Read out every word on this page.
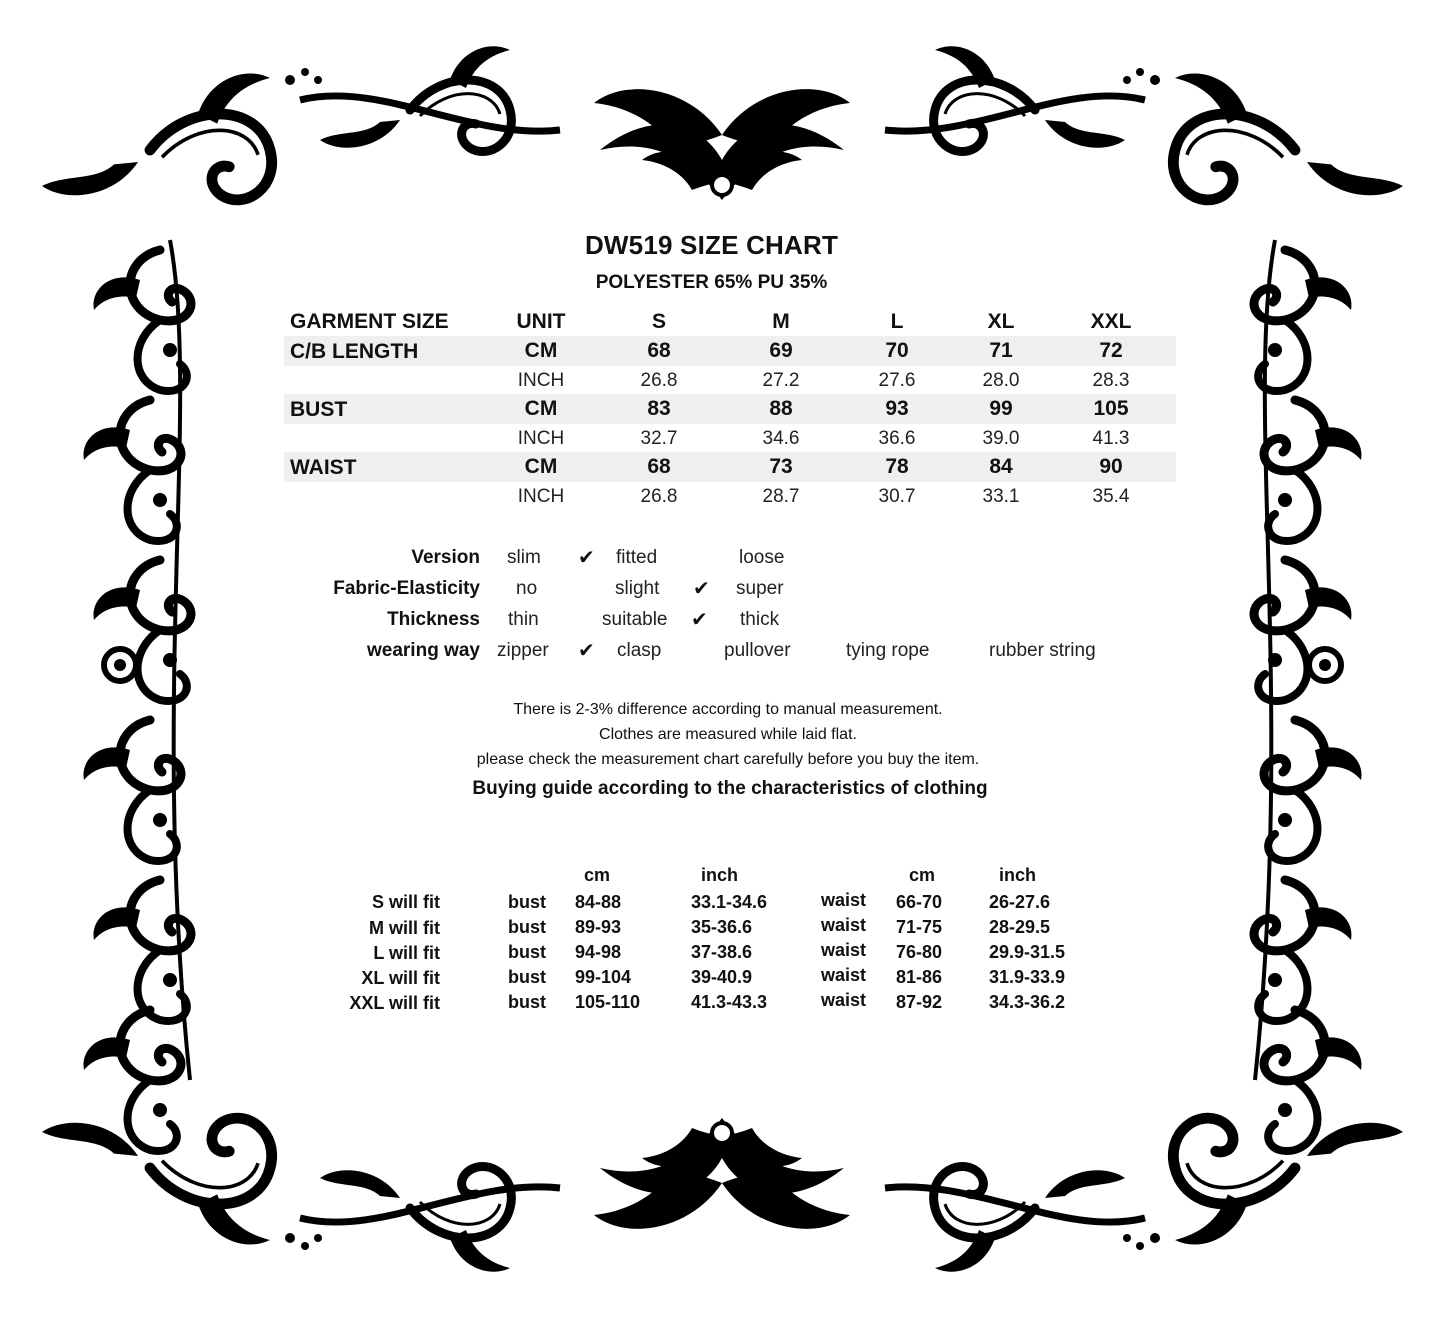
DW519 SIZE CHART
POLYESTER 65% PU 35%
GARMENT SIZE	UNIT	S	M	L	XL	XXL
C/B LENGTH	CM	68	69	70	71	72
INCH	26.8	27.2	27.6	28.0	28.3
BUST	CM	83	88	93	99	105
INCH	32.7	34.6	36.6	39.0	41.3
WAIST	CM	68	73	78	84	90
INCH	26.8	28.7	30.7	33.1	35.4
Version slim ✔ fitted	loose
Fabric-Elasticity no	slight ✔ super
Thickness thin	suitable ✔ thick
wearing way zipper ✔ clasp	pullover	tying rope	rubber string
There is 2-3% difference according to manual measurement.
Clothes are measured while laid flat.
please check the measurement chart carefully before you buy the item.
Buying guide according to the characteristics of clothing
cm	inch	cm	inch
S will fit	bust 84-88	33.1-34.6	waist 66-70	26-27.6
M will fit	bust 89-93	35-36.6	waist 71-75	28-29.5
L will fit	bust 94-98	37-38.6	waist 76-80	29.9-31.5
XL will fit	bust 99-104	39-40.9	waist 81-86	31.9-33.9
XXL will fit	bust 105-110	41.3-43.3	waist 87-92	34.3-36.2
